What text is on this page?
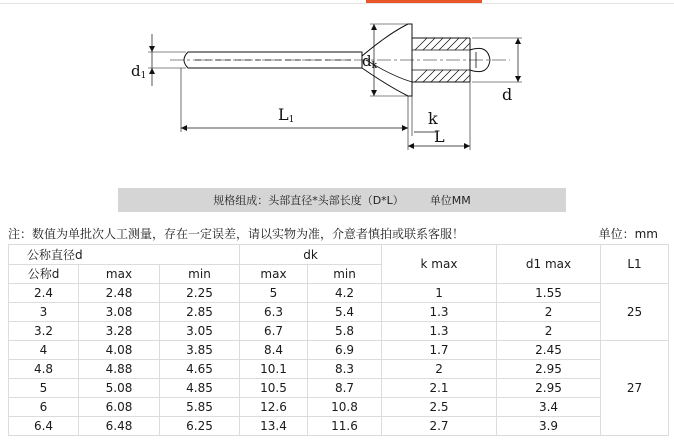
d1
dk
d
L1	k
L
规格组成：头部直径*头部长度（D*L） 单位MM
注：数值为单批次人工测量，存在一定误差，请以实物为准，介意者慎拍或联系客服！	单位：mm
公称直径d			dk		k max	d1 max	L1
公称d	max	min	max	min			
2.4	2.48	2.25	5	4.2	1	1.55	25
3	3.08	2.85	6.3	5.4	1.3	2	
3.2	3.28	3.05	6.7	5.8	1.3	2	
4	4.08	3.85	8.4	6.9	1.7	2.45	27
4.8	4.88	4.65	10.1	8.3	2	2.95	
5	5.08	4.85	10.5	8.7	2.1	2.95	
6	6.08	5.85	12.6	10.8	2.5	3.4	
6.4	6.48	6.25	13.4	11.6	2.7	3.9	
